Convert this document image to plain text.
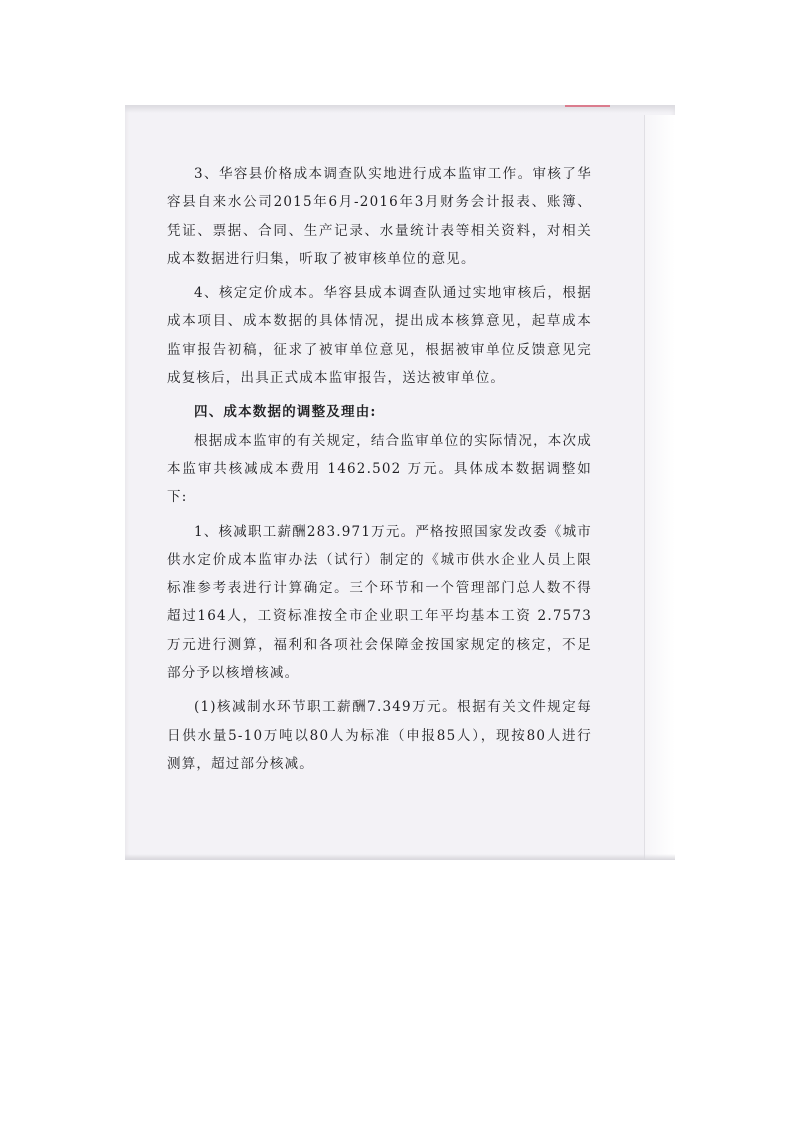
3、华容县价格成本调查队实地进行成本监审工作。审核了华容县自来水公司2015年6月-2016年3月财务会计报表、账簿、凭证、票据、合同、生产记录、水量统计表等相关资料，对相关成本数据进行归集，听取了被审核单位的意见。

4、核定定价成本。华容县成本调查队通过实地审核后，根据成本项目、成本数据的具体情况，提出成本核算意见，起草成本监审报告初稿，征求了被审单位意见，根据被审单位反馈意见完成复核后，出具正式成本监审报告，送达被审单位。

四、成本数据的调整及理由:

根据成本监审的有关规定，结合监审单位的实际情况，本次成本监审共核减成本费用 1462.502 万元。具体成本数据调整如下:

1、核减职工薪酬283.971万元。严格按照国家发改委《城市供水定价成本监审办法（试行）制定的《城市供水企业人员上限标准参考表进行计算确定。三个环节和一个管理部门总人数不得超过164人，工资标准按全市企业职工年平均基本工资 2.7573 万元进行测算，福利和各项社会保障金按国家规定的核定，不足部分予以核增核减。

(1)核减制水环节职工薪酬7.349万元。根据有关文件规定每日供水量5-10万吨以80人为标准（申报85人），现按80人进行测算，超过部分核减。
